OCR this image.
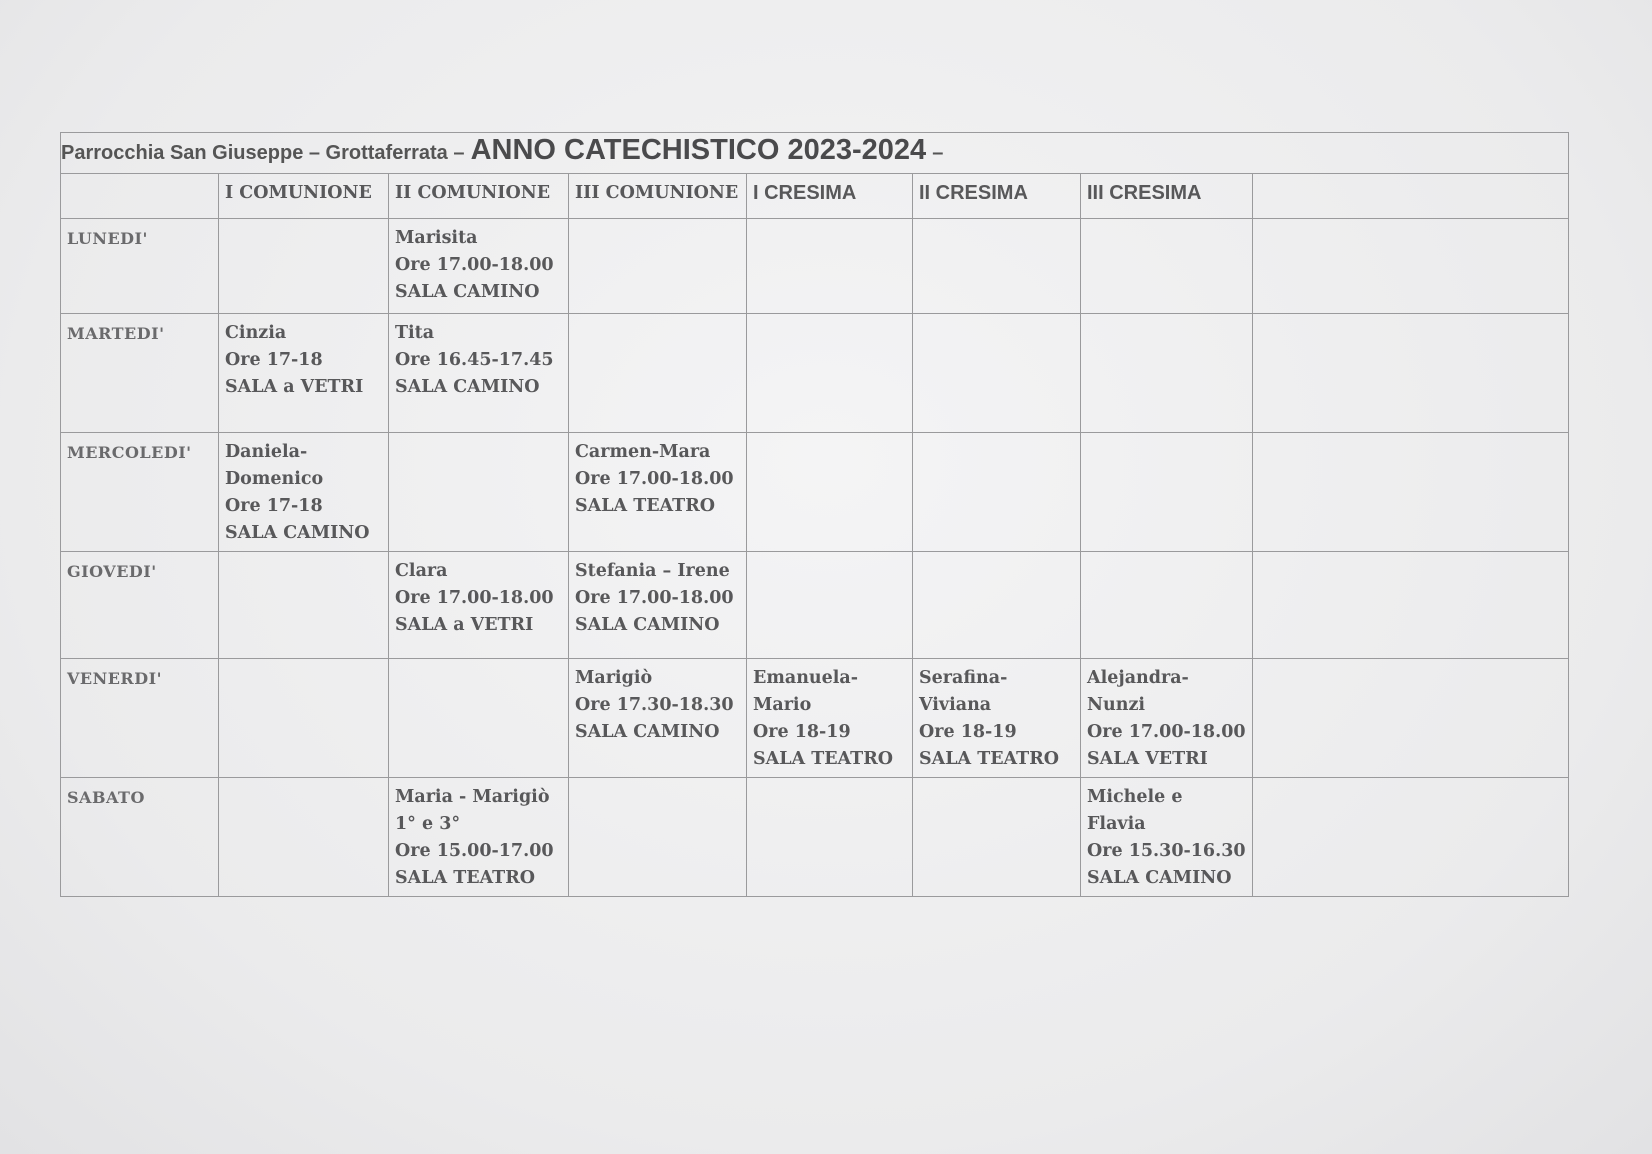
Parrocchia San Giuseppe – Grottaferrata – ANNO CATECHISTICO 2023-2024 –							
	I COMUNIONE	II COMUNIONE	III COMUNIONE	I CRESIMA	II CRESIMA	III CRESIMA	
LUNEDI'		Marisita
Ore 17.00-18.00
SALA CAMINO					

MARTEDI'	Cinzia
Ore 17-18
SALA a VETRI	Tita
Ore 16.45-17.45
SALA CAMINO					

MERCOLEDI'	Daniela-Domenico
Ore 17-18
SALA CAMINO		Carmen-Mara
Ore 17.00-18.00
SALA TEATRO				

GIOVEDI'		Clara
Ore 17.00-18.00
SALA a VETRI	Stefania – Irene
Ore 17.00-18.00
SALA CAMINO				

VENERDI'			Marigiò
Ore 17.30-18.30
SALA CAMINO	Emanuela-Mario
Ore 18-19
SALA TEATRO	Serafina-Viviana
Ore 18-19
SALA TEATRO	Alejandra-Nunzi
Ore 17.00-18.00
SALA VETRI	

SABATO		Maria - Marigiò
1° e 3°
Ore 15.00-17.00
SALA TEATRO				Michele e Flavia
Ore 15.30-16.30
SALA CAMINO	
